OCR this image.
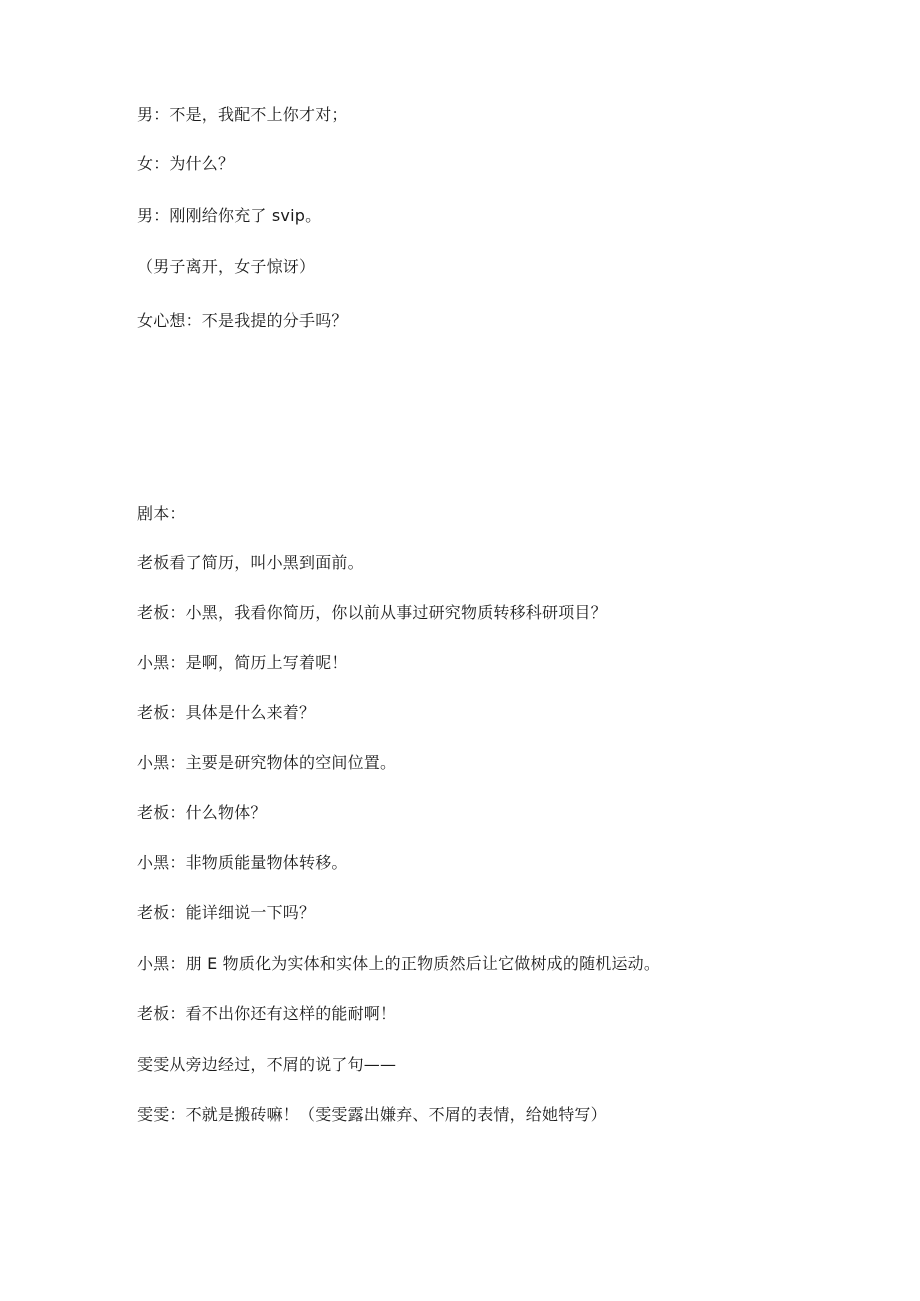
男：不是，我配不上你才对；
女：为什么？
男：刚刚给你充了 svip。
（男子离开，女子惊讶）
女心想：不是我提的分手吗？
剧本：
老板看了简历，叫小黑到面前。
老板：小黑，我看你简历，你以前从事过研究物质转移科研项目？
小黑：是啊，简历上写着呢！
老板：具体是什么来着？
小黑：主要是研究物体的空间位置。
老板：什么物体？
小黑：非物质能量物体转移。
老板：能详细说一下吗？
小黑：朋 E 物质化为实体和实体上的正物质然后让它做树成的随机运动。
老板：看不出你还有这样的能耐啊！
雯雯从旁边经过，不屑的说了句——
雯雯：不就是搬砖嘛！（雯雯露出嫌弃、不屑的表情，给她特写）
